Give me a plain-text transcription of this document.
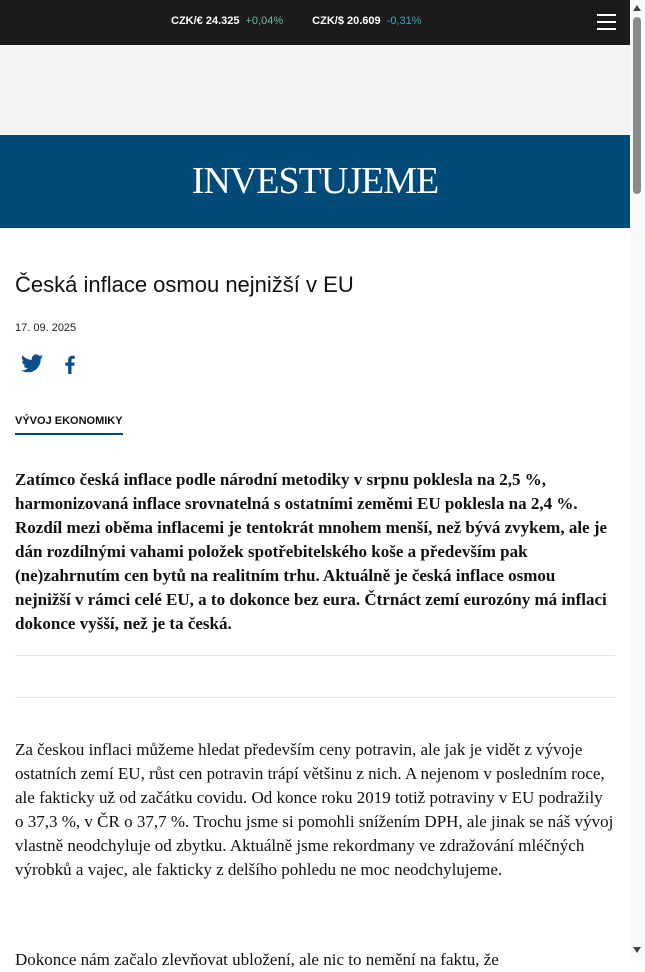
CZK/€ 24.325 +0,04%	CZK/$ 20.609 -0,31%
INVESTUJEME
Česká inflace osmou nejnižší v EU
17. 09. 2025
VÝVOJ EKONOMIKY

Zatímco česká inflace podle národní metodiky v srpnu poklesla na 2,5 %, harmonizovaná inflace srovnatelná s ostatními zeměmi EU poklesla na 2,4 %. Rozdíl mezi oběma inflacemi je tentokrát mnohem menší, než bývá zvykem, ale je dán rozdílnými vahami položek spotřebitelského koše a především pak (ne)zahrnutím cen bytů na realitním trhu. Aktuálně je česká inflace osmou nejnižší v rámci celé EU, a to dokonce bez eura. Čtrnáct zemí eurozóny má inflaci dokonce vyšší, než je ta česká.

Za českou inflaci můžeme hledat především ceny potravin, ale jak je vidět z vývoje ostatních zemí EU, růst cen potravin trápí většinu z nich. A nejenom v posledním roce, ale fakticky už od začátku covidu. Od konce roku 2019 totiž potraviny v EU podražily o 37,3 %, v ČR o 37,7 %. Trochu jsme si pomohli snížením DPH, ale jinak se náš vývoj vlastně neodchyluje od zbytku. Aktuálně jsme rekordmany ve zdražování mléčných výrobků a vajec, ale fakticky z delšího pohledu ne moc neodchylujeme.

Dokonce nám začalo zlevňovat ubložení, ale nic to nemění na faktu, že
